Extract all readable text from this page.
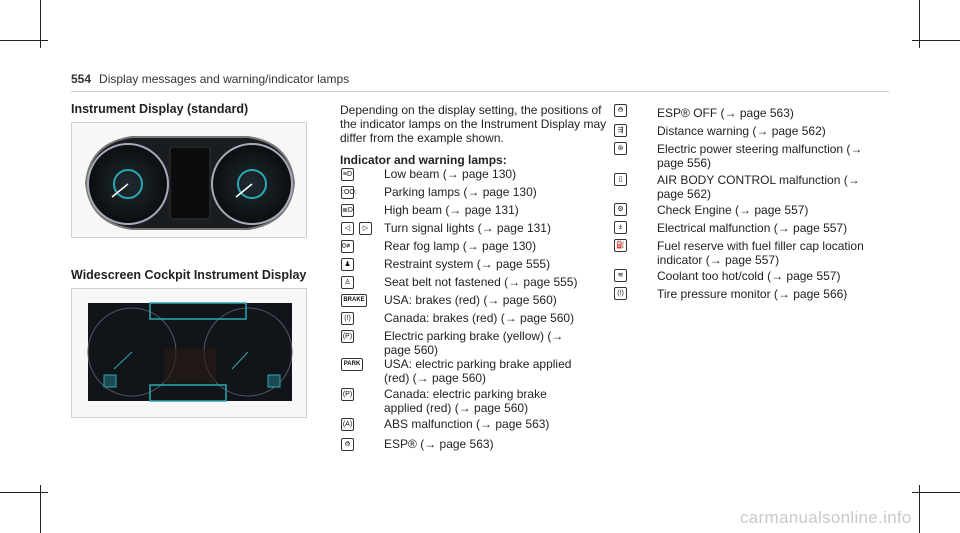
554 Display messages and warning/indicator lamps
Instrument Display (standard)
Widescreen Cockpit Instrument Display
Depending on the display setting, the positions of the indicator lamps on the Instrument Display may differ from the example shown.
Indicator and warning lamps:
≡D	Low beam (→ page 130)
:OO: Parking lamps (→ page 130)
≣D	High beam (→ page 131)
◁	▷	Turn signal lights (→ page 131)
0≢	Rear fog lamp (→ page 130)
♟	Restraint system (→ page 555)
♙	Seat belt not fastened (→ page 555)
BRAKE USA: brakes (red) (→ page 560)
(!)	Canada: brakes (red) (→ page 560)
(P)	Electric parking brake (yellow) (→ page 560)
PARK USA: electric parking brake applied (red) (→ page 560)
(P)	Canada: electric parking brake applied (red) (→ page 560)
(A)	ABS malfunction (→ page 563)
⟰	ESP® (→ page 563)
⟰	ESP® OFF (→ page 563)
⇶	Distance warning (→ page 562)
⊛	Electric power steering malfunction (→ page 556)
▯	AIR BODY CONTROL malfunction (→ page 562)
⚙	Check Engine (→ page 557)
±	Electrical malfunction (→ page 557)
⛽	Fuel reserve with fuel filler cap location indicator (→ page 557)
≋	Coolant too hot/cold (→ page 557)
(!)	Tire pressure monitor (→ page 566)
carmanualsonline.info
